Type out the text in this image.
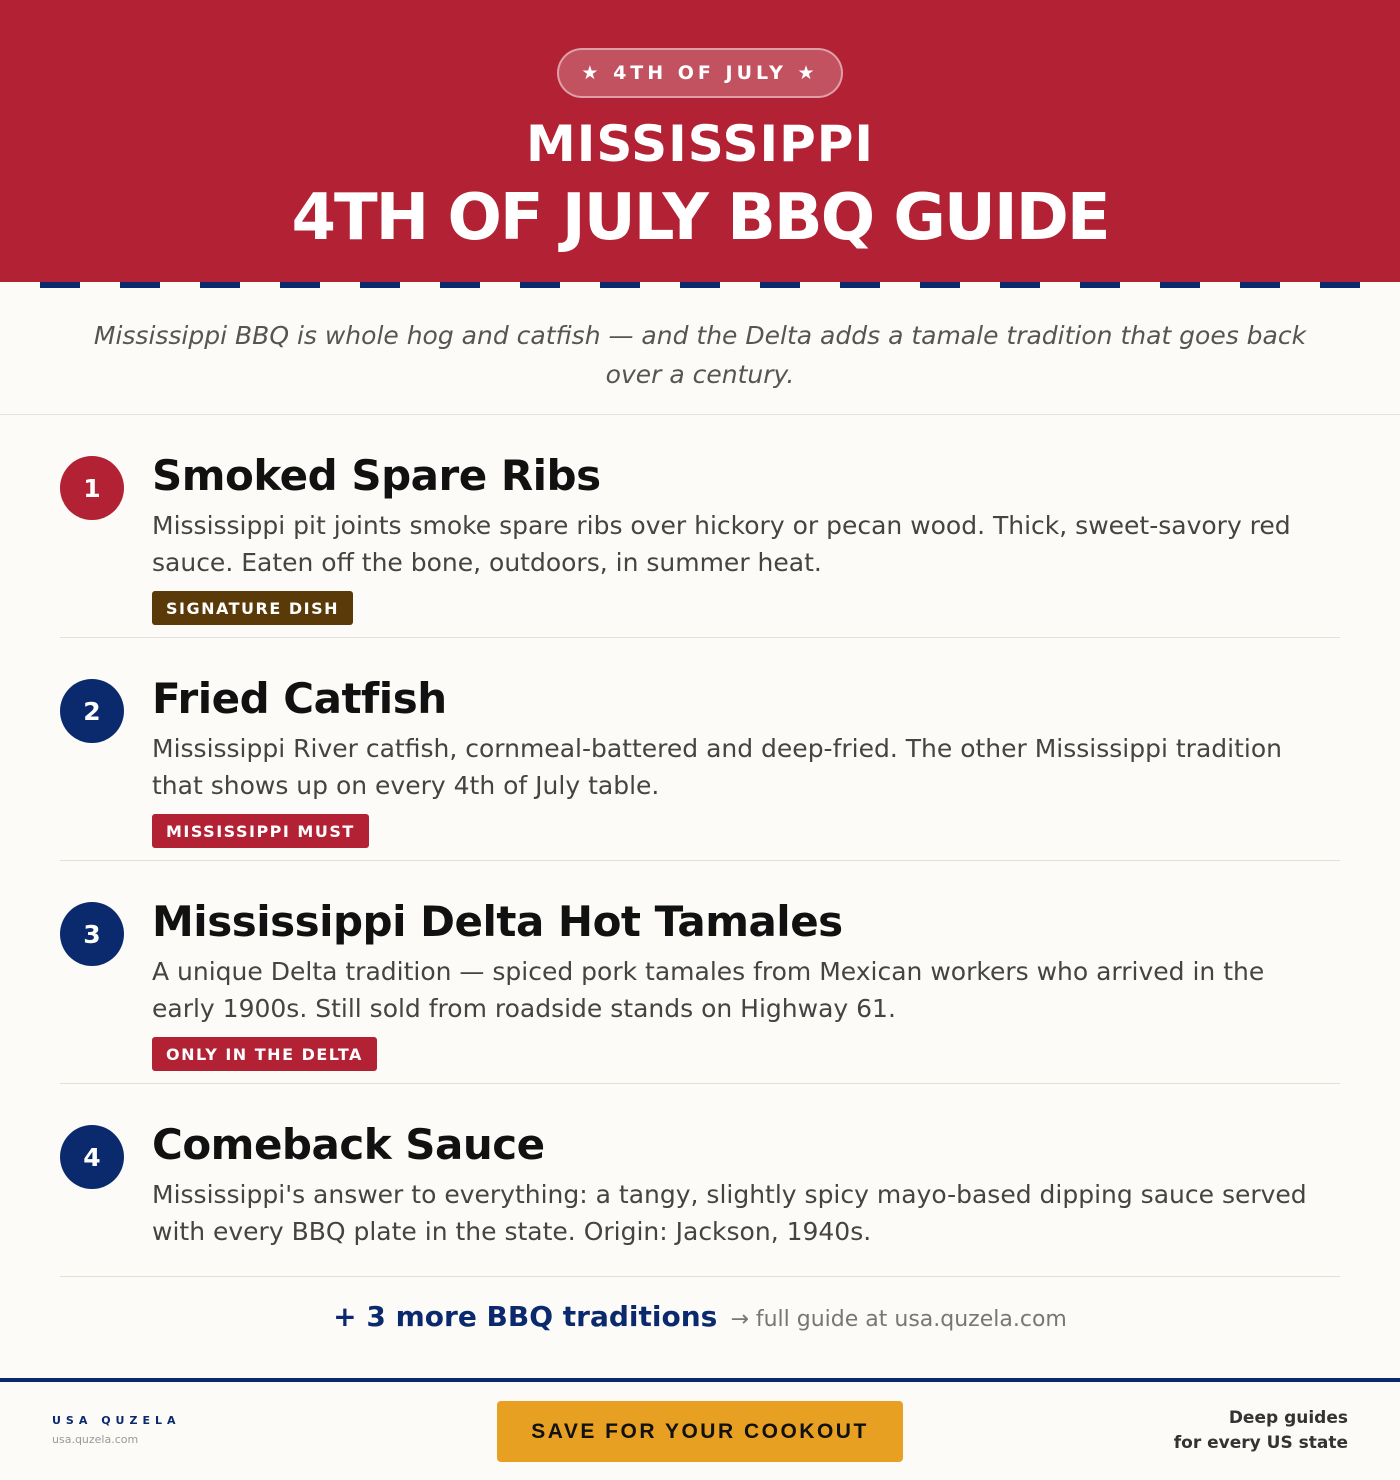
★ 4TH OF JULY ★
MISSISSIPPI
4TH OF JULY BBQ GUIDE

Mississippi BBQ is whole hog and catfish — and the Delta adds a tamale tradition that goes back over a century.

1	Smoked Spare Ribs

Mississippi pit joints smoke spare ribs over hickory or pecan wood. Thick, sweet-savory red sauce. Eaten off the bone, outdoors, in summer heat.

SIGNATURE DISH
2	Fried Catfish

Mississippi River catfish, cornmeal-battered and deep-fried. The other Mississippi tradition that shows up on every 4th of July table.

MISSISSIPPI MUST
3	Mississippi Delta Hot Tamales

A unique Delta tradition — spiced pork tamales from Mexican workers who arrived in the early 1900s. Still sold from roadside stands on Highway 61.

ONLY IN THE DELTA
4	Comeback Sauce

Mississippi's answer to everything: a tangy, slightly spicy mayo-based dipping sauce served with every BBQ plate in the state. Origin: Jackson, 1940s.

+ 3 more BBQ traditions → full guide at usa.quzela.com
USA QUZELA
usa.quzela.com	SAVE FOR YOUR COOKOUT
Deep guides
for every US state
